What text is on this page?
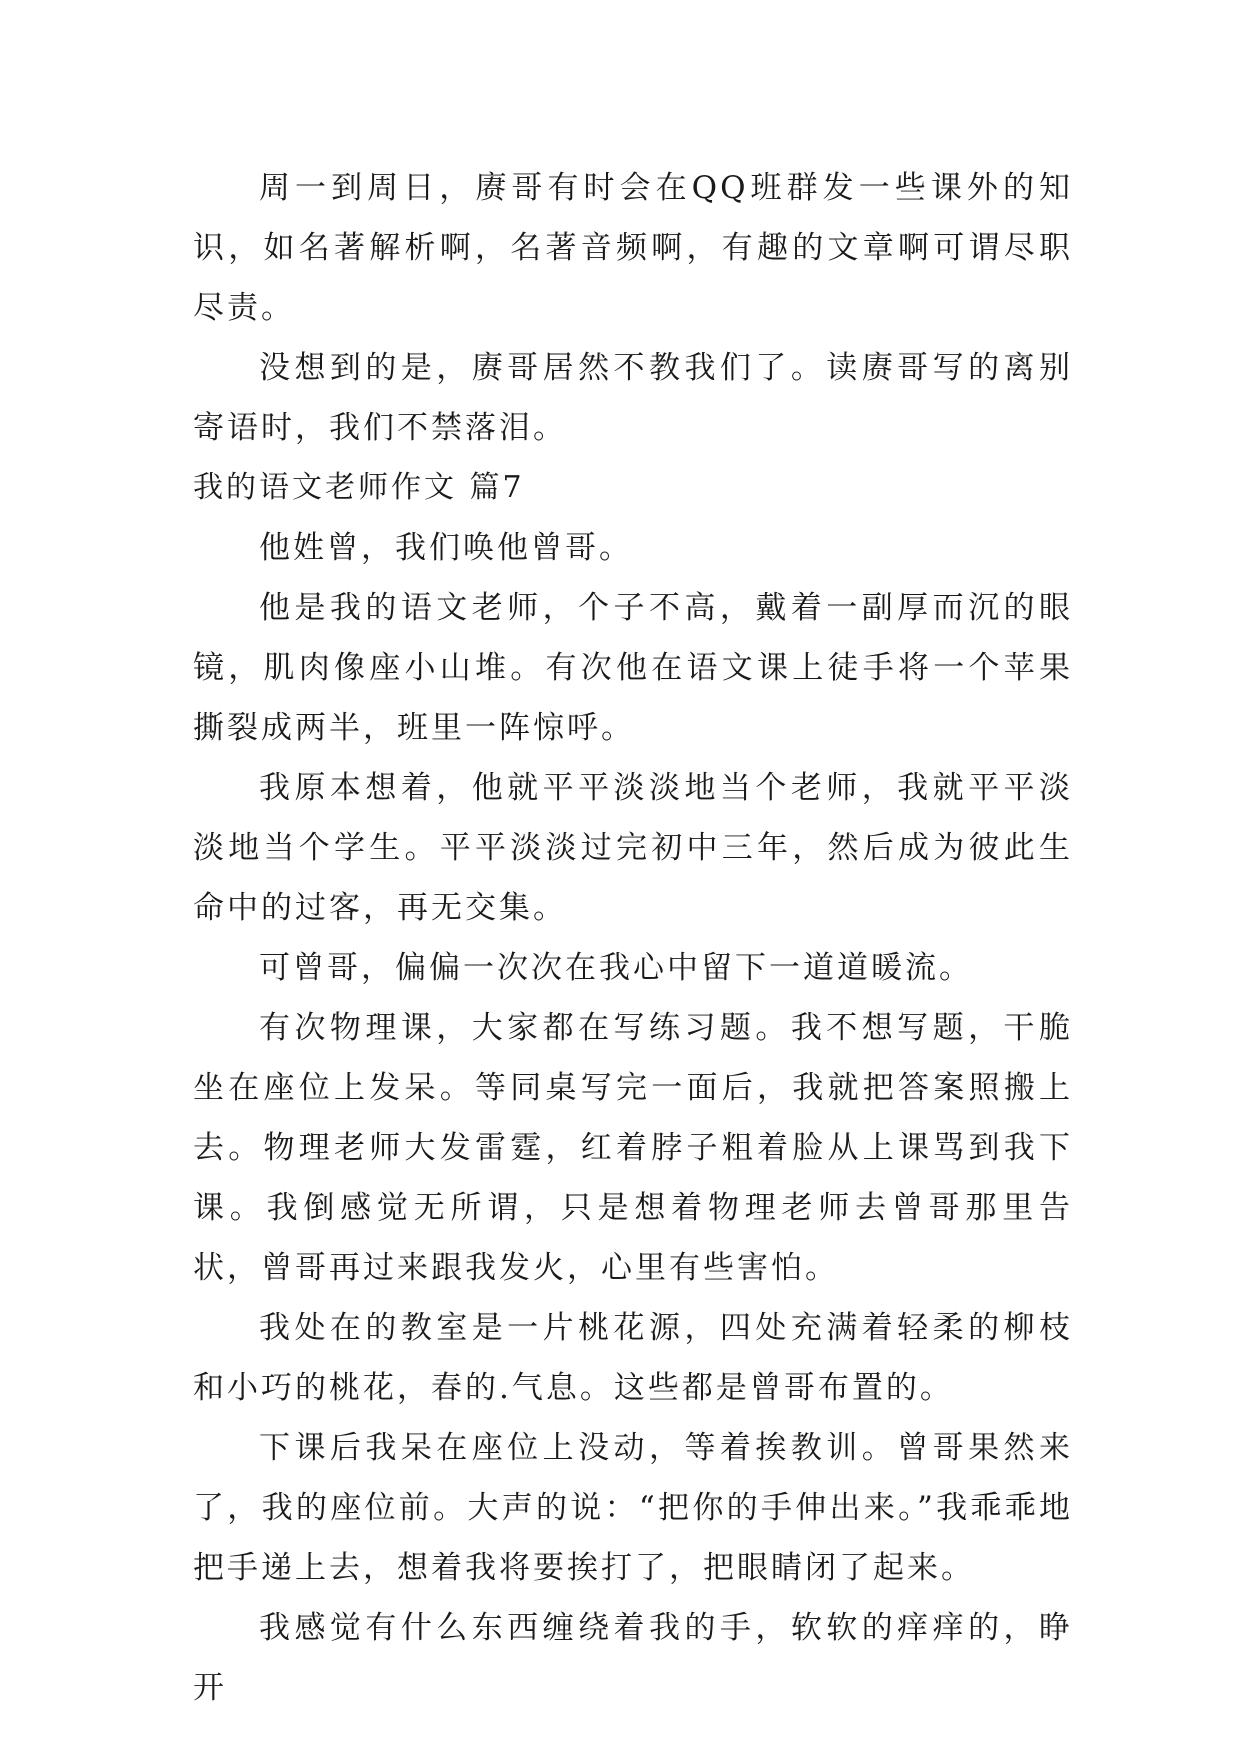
周一到周日，赓哥有时会在QQ班群发一些课外的知识，如名著解析啊，名著音频啊，有趣的文章啊可谓尽职尽责。

没想到的是，赓哥居然不教我们了。读赓哥写的离别寄语时，我们不禁落泪。

我的语文老师作文 篇7

他姓曾，我们唤他曾哥。

他是我的语文老师，个子不高，戴着一副厚而沉的眼镜，肌肉像座小山堆。有次他在语文课上徒手将一个苹果撕裂成两半，班里一阵惊呼。

我原本想着，他就平平淡淡地当个老师，我就平平淡淡地当个学生。平平淡淡过完初中三年，然后成为彼此生命中的过客，再无交集。

可曾哥，偏偏一次次在我心中留下一道道暖流。

有次物理课，大家都在写练习题。我不想写题，干脆坐在座位上发呆。等同桌写完一面后，我就把答案照搬上去。物理老师大发雷霆，红着脖子粗着脸从上课骂到我下课。我倒感觉无所谓，只是想着物理老师去曾哥那里告状，曾哥再过来跟我发火，心里有些害怕。

我处在的教室是一片桃花源，四处充满着轻柔的柳枝和小巧的桃花，春的.气息。这些都是曾哥布置的。

下课后我呆在座位上没动，等着挨教训。曾哥果然来了，我的座位前。大声的说：“把你的手伸出来。”我乖乖地把手递上去，想着我将要挨打了，把眼睛闭了起来。

我感觉有什么东西缠绕着我的手，软软的痒痒的，睁开
